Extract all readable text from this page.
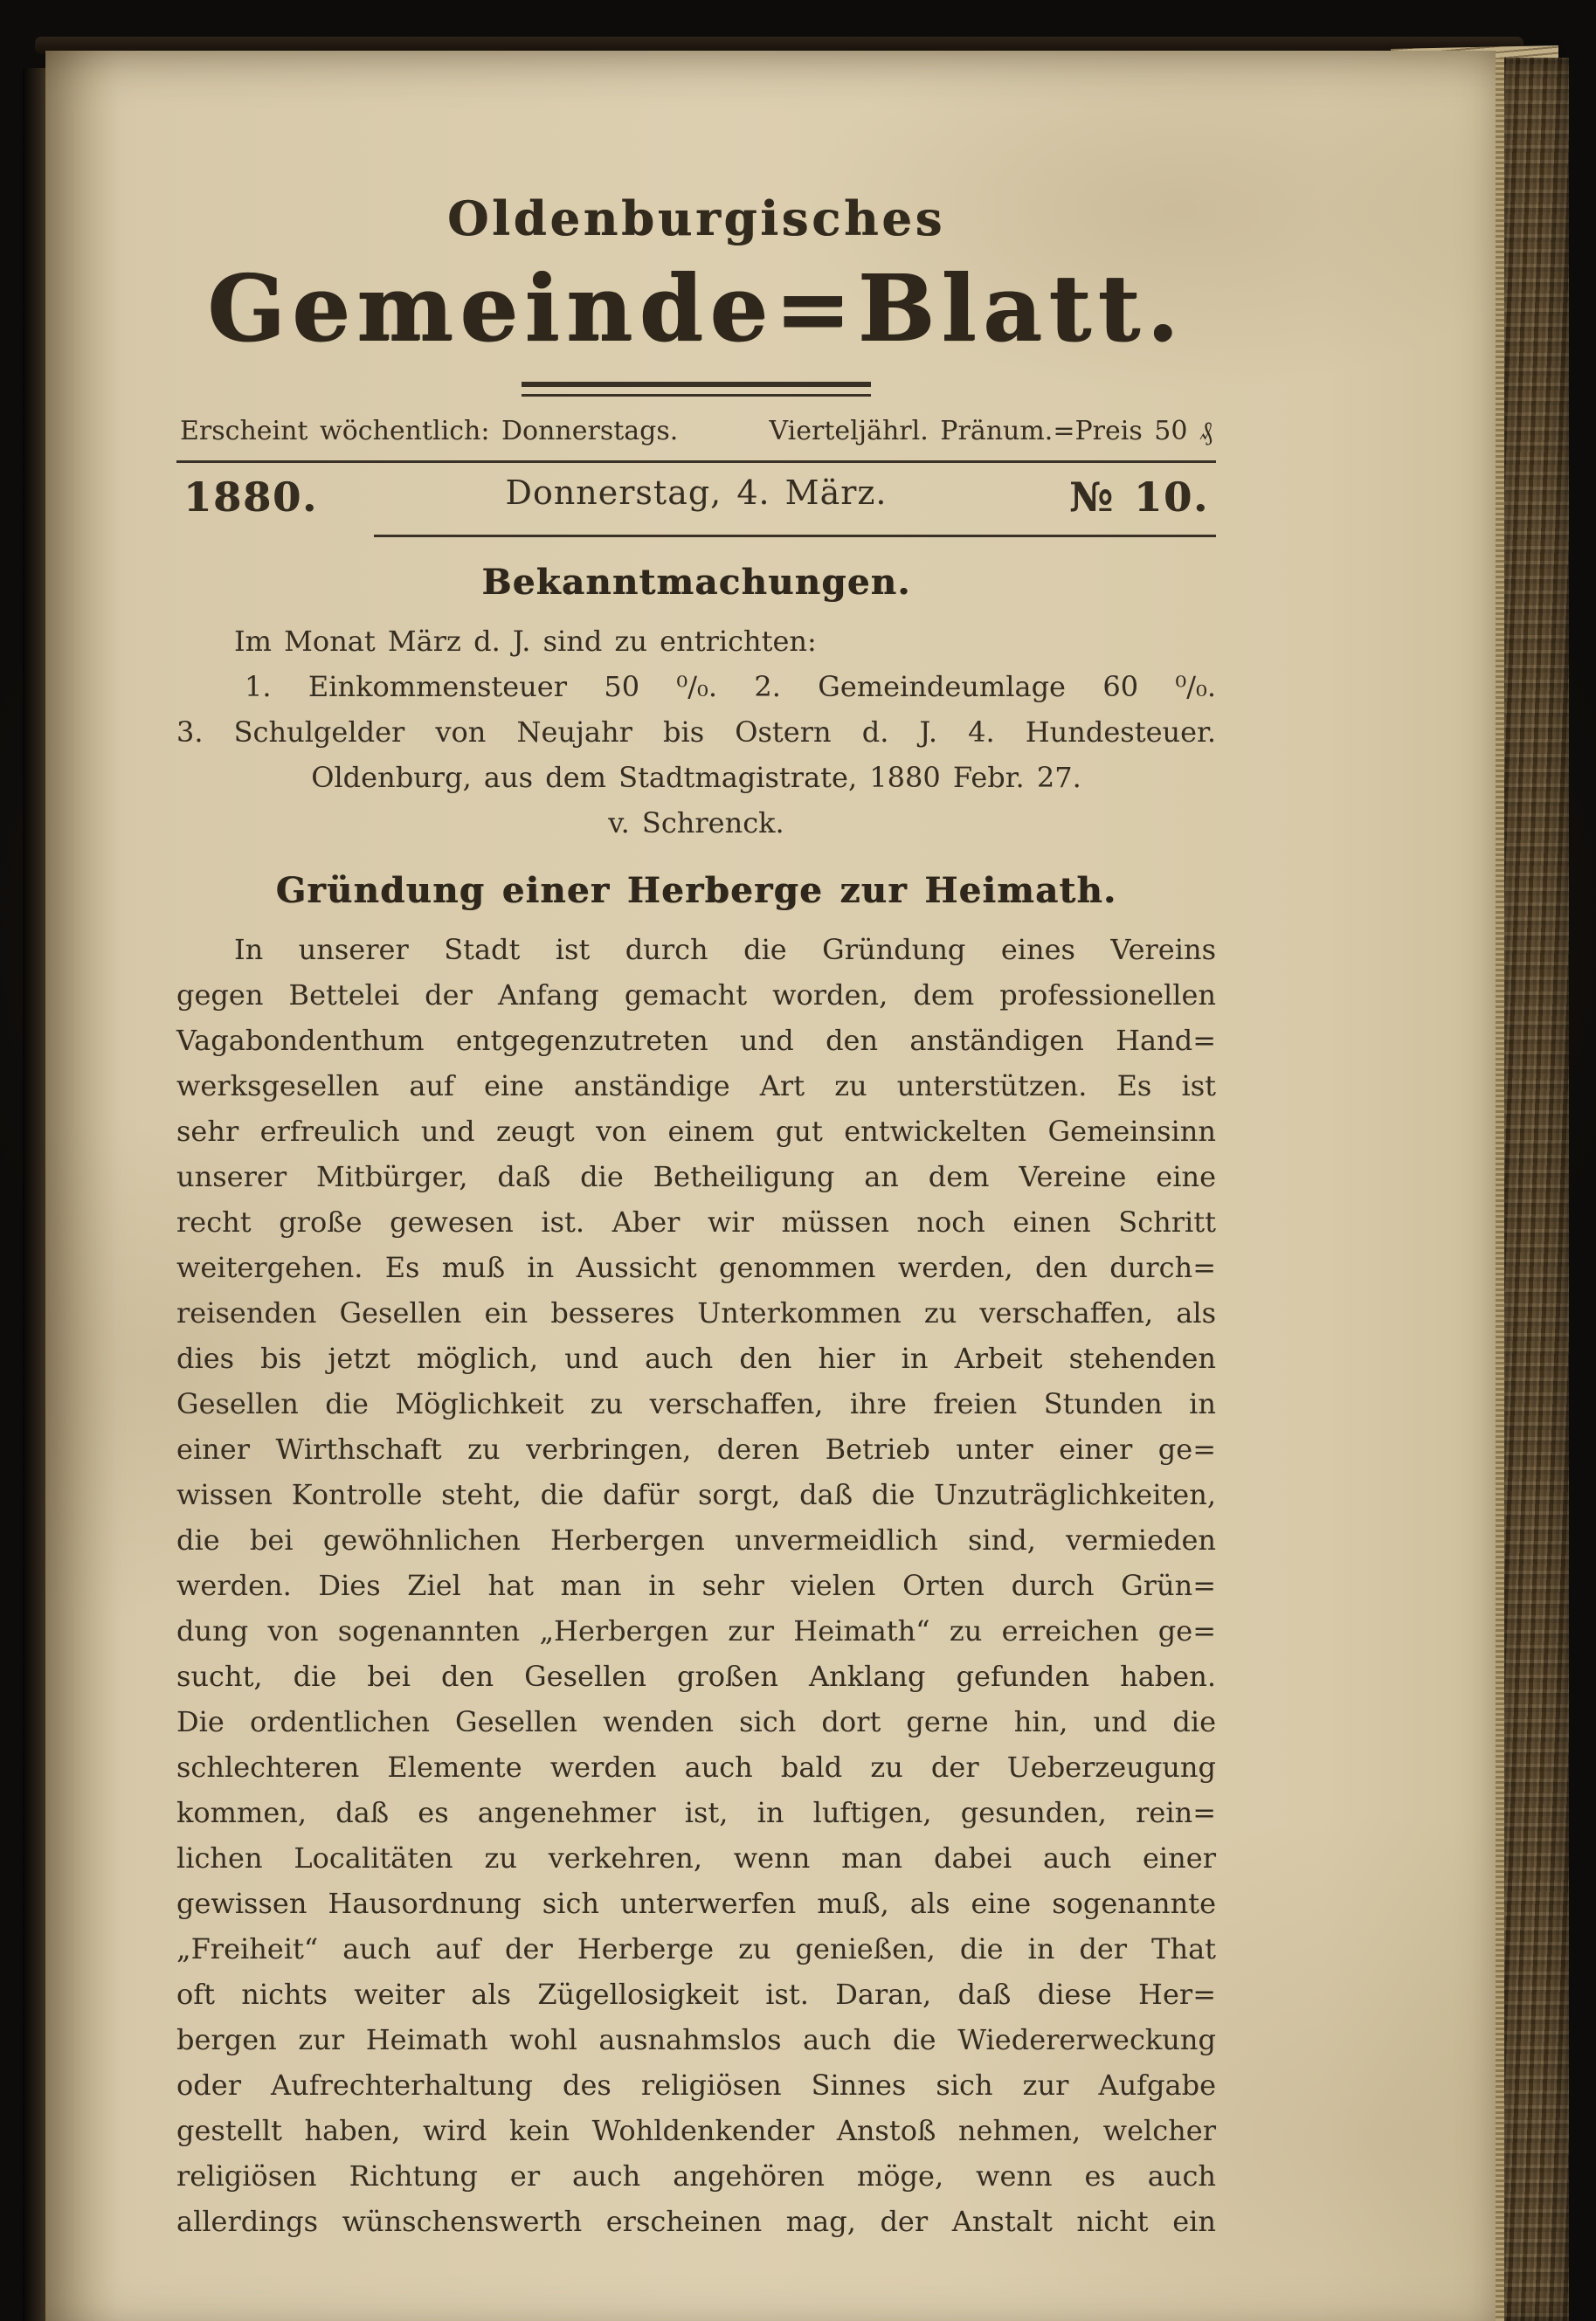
Oldenburgisches
Gemeinde=Blatt.
Erscheint wöchentlich: Donnerstags.	Vierteljährl. Pränum.=Preis 50 ₰
Donnerstag, 4. März.
1880.	№ 10.
Bekanntmachungen.
Im Monat März d. J. sind zu entrichten:
1. Einkommensteuer 50 ⁰/₀. 2. Gemeindeumlage 60 ⁰/₀.
3. Schulgelder von Neujahr bis Ostern d. J. 4. Hundesteuer.
Oldenburg, aus dem Stadtmagistrate, 1880 Febr. 27.
v. Schrenck.
Gründung einer Herberge zur Heimath.
In unserer Stadt ist durch die Gründung eines Vereins
gegen Bettelei der Anfang gemacht worden, dem professionellen
Vagabondenthum entgegenzutreten und den anständigen Hand=
werksgesellen auf eine anständige Art zu unterstützen. Es ist
sehr erfreulich und zeugt von einem gut entwickelten Gemeinsinn
unserer Mitbürger, daß die Betheiligung an dem Vereine eine
recht große gewesen ist. Aber wir müssen noch einen Schritt
weitergehen. Es muß in Aussicht genommen werden, den durch=
reisenden Gesellen ein besseres Unterkommen zu verschaffen, als
dies bis jetzt möglich, und auch den hier in Arbeit stehenden
Gesellen die Möglichkeit zu verschaffen, ihre freien Stunden in
einer Wirthschaft zu verbringen, deren Betrieb unter einer ge=
wissen Kontrolle steht, die dafür sorgt, daß die Unzuträglichkeiten,
die bei gewöhnlichen Herbergen unvermeidlich sind, vermieden
werden. Dies Ziel hat man in sehr vielen Orten durch Grün=
dung von sogenannten „Herbergen zur Heimath“ zu erreichen ge=
sucht, die bei den Gesellen großen Anklang gefunden haben.
Die ordentlichen Gesellen wenden sich dort gerne hin, und die
schlechteren Elemente werden auch bald zu der Ueberzeugung
kommen, daß es angenehmer ist, in luftigen, gesunden, rein=
lichen Localitäten zu verkehren, wenn man dabei auch einer
gewissen Hausordnung sich unterwerfen muß, als eine sogenannte
„Freiheit“ auch auf der Herberge zu genießen, die in der That
oft nichts weiter als Zügellosigkeit ist. Daran, daß diese Her=
bergen zur Heimath wohl ausnahmslos auch die Wiedererweckung
oder Aufrechterhaltung des religiösen Sinnes sich zur Aufgabe
gestellt haben, wird kein Wohldenkender Anstoß nehmen, welcher
religiösen Richtung er auch angehören möge, wenn es auch
allerdings wünschenswerth erscheinen mag, der Anstalt nicht ein
